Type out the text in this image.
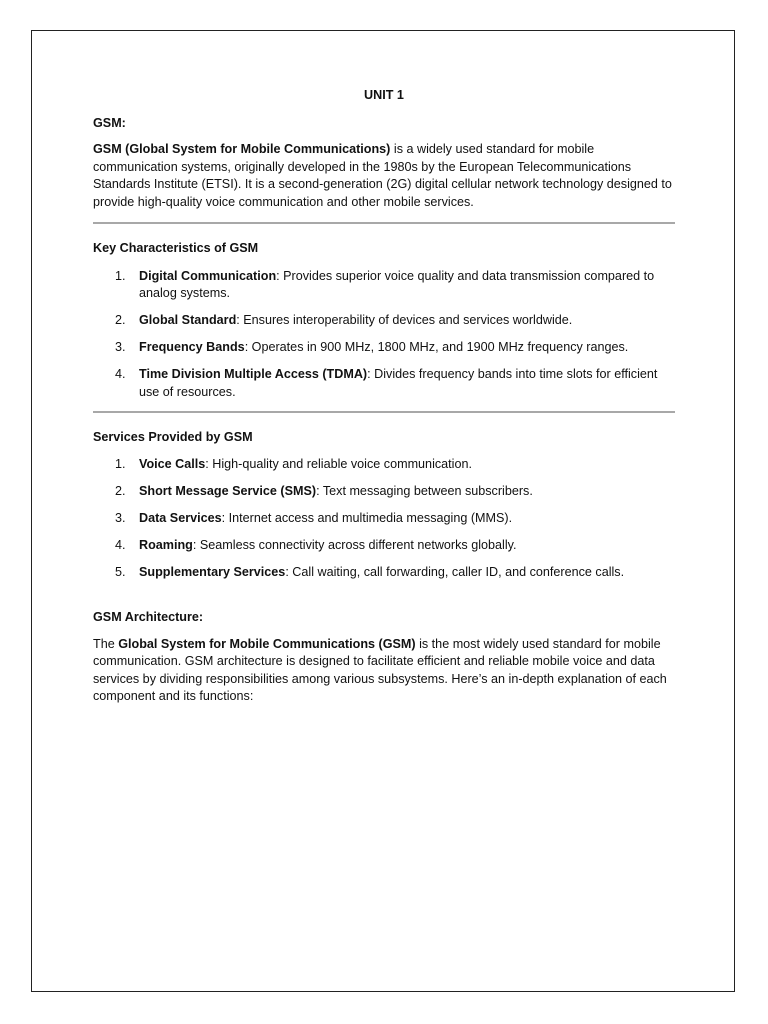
UNIT 1

GSM:

GSM (Global System for Mobile Communications) is a widely used standard for mobile communication systems, originally developed in the 1980s by the European Telecommunications Standards Institute (ETSI). It is a second-generation (2G) digital cellular network technology designed to provide high-quality voice communication and other mobile services.

Key Characteristics of GSM

1. Digital Communication: Provides superior voice quality and data transmission compared to analog systems.
2. Global Standard: Ensures interoperability of devices and services worldwide.
3. Frequency Bands: Operates in 900 MHz, 1800 MHz, and 1900 MHz frequency ranges.
4. Time Division Multiple Access (TDMA): Divides frequency bands into time slots for efficient use of resources.

Services Provided by GSM

1. Voice Calls: High-quality and reliable voice communication.
2. Short Message Service (SMS): Text messaging between subscribers.
3. Data Services: Internet access and multimedia messaging (MMS).
4. Roaming: Seamless connectivity across different networks globally.
5. Supplementary Services: Call waiting, call forwarding, caller ID, and conference calls.

GSM Architecture:

The Global System for Mobile Communications (GSM) is the most widely used standard for mobile communication. GSM architecture is designed to facilitate efficient and reliable mobile voice and data services by dividing responsibilities among various subsystems. Here’s an in-depth explanation of each component and its functions:
